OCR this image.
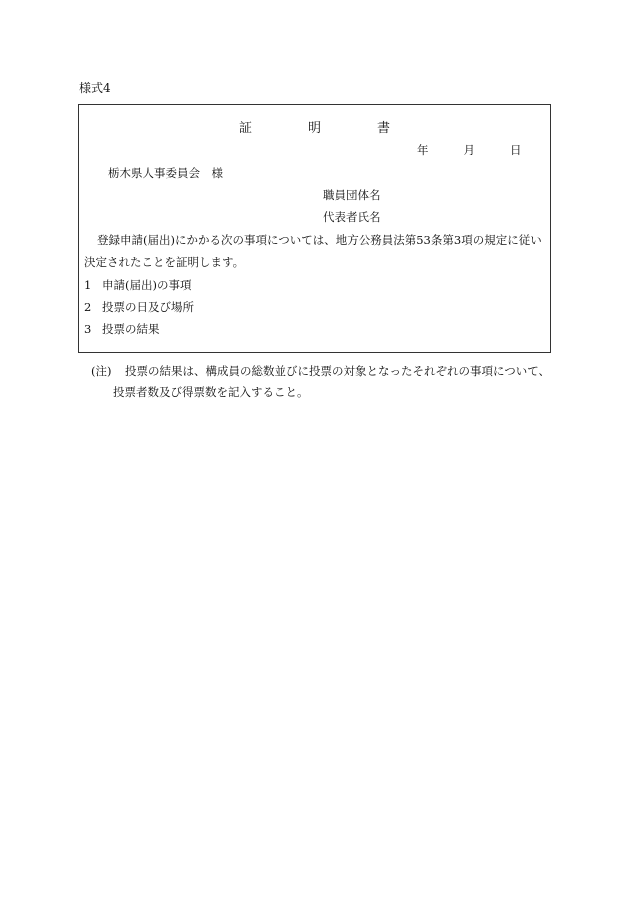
様式4
証	明	書
年	月	日
栃木県人事委員会　様
職員団体名
代表者氏名
登録申請(届出)にかかる次の事項については、地方公務員法第53条第3項の規定に従い
決定されたことを証明します。
1 申請(届出)の事項
2 投票の日及び場所
3 投票の結果
(注) 投票の結果は、構成員の総数並びに投票の対象となったそれぞれの事項について、
投票者数及び得票数を記入すること。
